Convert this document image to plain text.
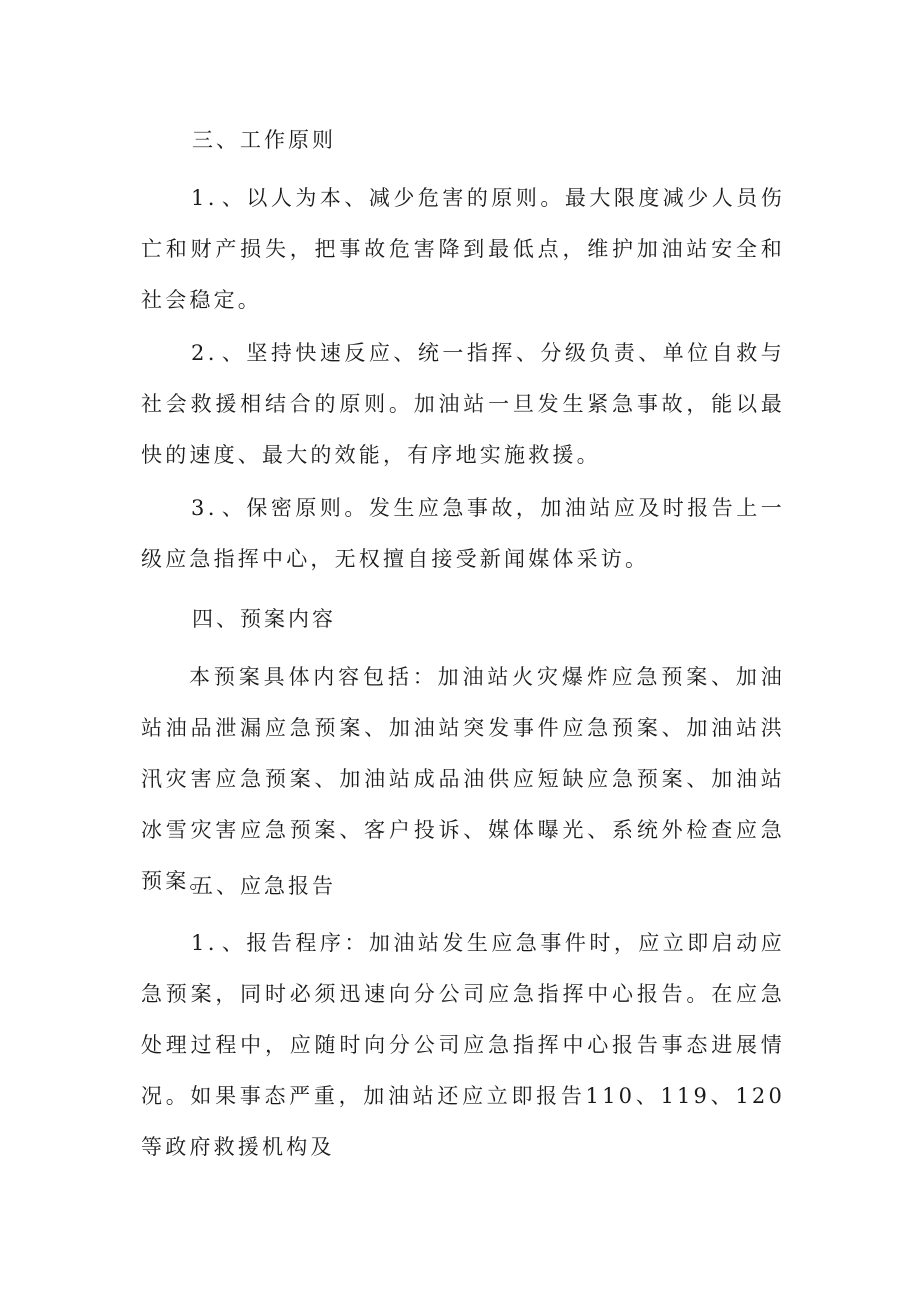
三、工作原则
1．、以人为本、减少危害的原则。最大限度减少人员伤亡和财产损失，把事故危害降到最低点，维护加油站安全和社会稳定。
2．、坚持快速反应、统一指挥、分级负责、单位自救与社会救援相结合的原则。加油站一旦发生紧急事故，能以最快的速度、最大的效能，有序地实施救援。
3．、保密原则。发生应急事故，加油站应及时报告上一级应急指挥中心，无权擅自接受新闻媒体采访。
四、预案内容
本预案具体内容包括：加油站火灾爆炸应急预案、加油站油品泄漏应急预案、加油站突发事件应急预案、加油站洪汛灾害应急预案、加油站成品油供应短缺应急预案、加油站冰雪灾害应急预案、客户投诉、媒体曝光、系统外检查应急预案。
五、应急报告
1．、报告程序：加油站发生应急事件时，应立即启动应急预案，同时必须迅速向分公司应急指挥中心报告。在应急处理过程中，应随时向分公司应急指挥中心报告事态进展情况。如果事态严重，加油站还应立即报告110、119、120等政府救援机构及
